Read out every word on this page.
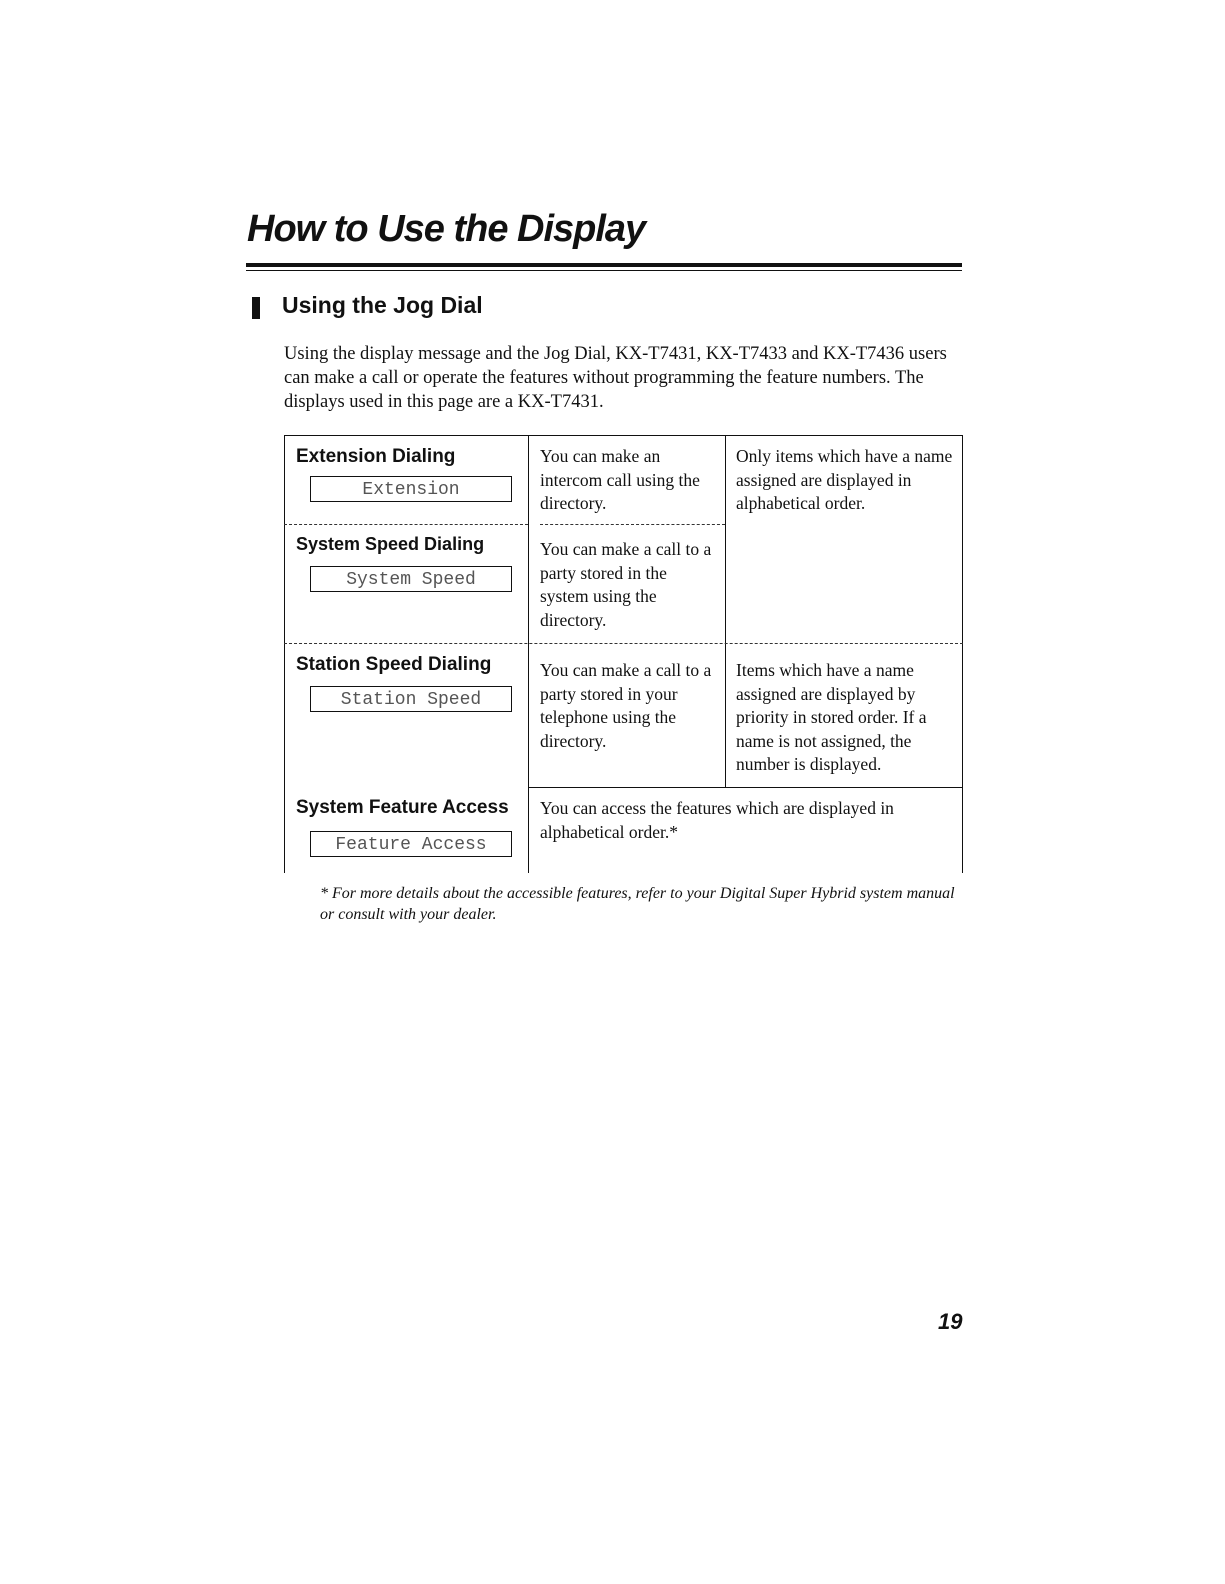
How to Use the Display
Using the Jog Dial

Using the display message and the Jog Dial, KX-T7431, KX-T7433 and KX-T7436 users can make a call or operate the features without programming the feature numbers. The displays used in this page are a KX-T7431.

Extension Dialing
Extension

You can make an intercom call using the directory.

System Speed Dialing
System Speed

You can make a call to a party stored in the system using the directory.

Only items which have a name assigned are displayed in alphabetical order.

Station Speed Dialing
Station Speed

You can make a call to a party stored in your telephone using the directory.

Items which have a name assigned are displayed by priority in stored order. If a name is not assigned, the number is displayed.

System Feature Access
Feature Access

You can access the features which are displayed in alphabetical order.*

* For more details about the accessible features, refer to your Digital Super Hybrid system manual or consult with your dealer.

19
